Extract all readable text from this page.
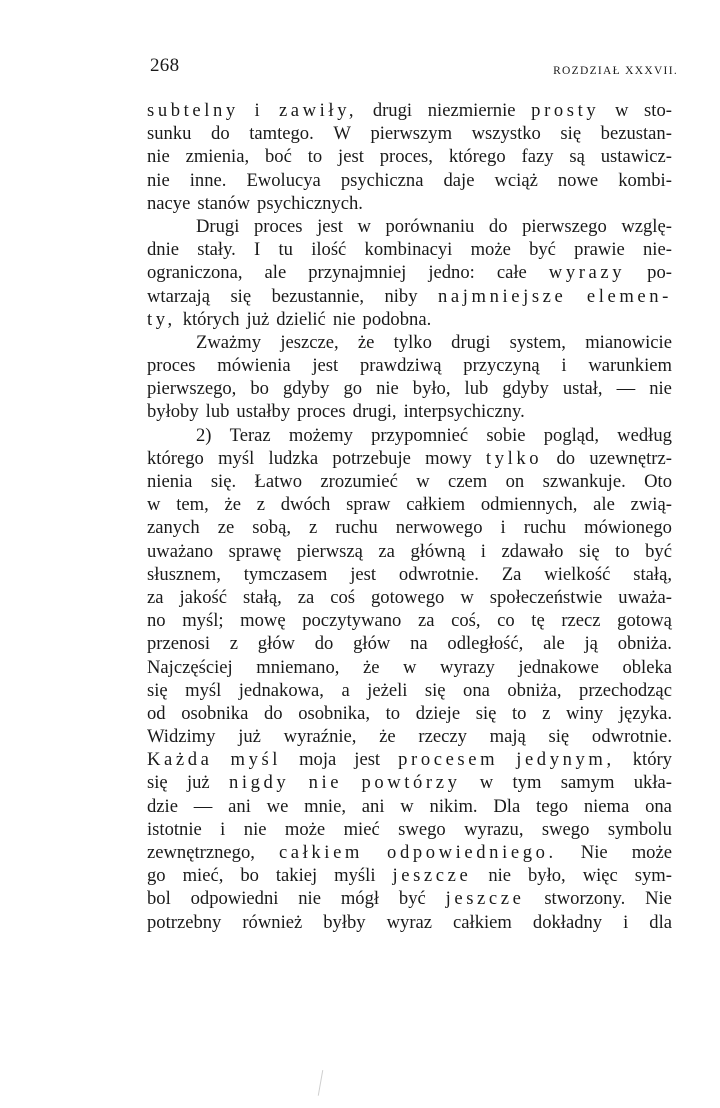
268	ROZDZIAŁ XXXVII.
subtelny i zawiły, drugi niezmiernie prosty w sto-
sunku do tamtego. W pierwszym wszystko się bezustan-
nie zmienia, boć to jest proces, którego fazy są ustawicz-
nie inne. Ewolucya psychiczna daje wciąż nowe kombi-
nacye stanów psychicznych.
Drugi proces jest w porównaniu do pierwszego wzglę-
dnie stały. I tu ilość kombinacyi może być prawie nie-
ograniczona, ale przynajmniej jedno: całe wyrazy po-
wtarzają się bezustannie, niby najmniejsze elemen-
ty, których już dzielić nie podobna.
Zważmy jeszcze, że tylko drugi system, mianowicie
proces mówienia jest prawdziwą przyczyną i warunkiem
pierwszego, bo gdyby go nie było, lub gdyby ustał, — nie
byłoby lub ustałby proces drugi, interpsychiczny.
2) Teraz możemy przypomnieć sobie pogląd, według
którego myśl ludzka potrzebuje mowy tylko do uzewnętrz-
nienia się. Łatwo zrozumieć w czem on szwankuje. Oto
w tem, że z dwóch spraw całkiem odmiennych, ale zwią-
zanych ze sobą, z ruchu nerwowego i ruchu mówionego
uważano sprawę pierwszą za główną i zdawało się to być
słusznem, tymczasem jest odwrotnie. Za wielkość stałą,
za jakość stałą, za coś gotowego w społeczeństwie uważa-
no myśl; mowę poczytywano za coś, co tę rzecz gotową
przenosi z głów do głów na odległość, ale ją obniża.
Najczęściej mniemano, że w wyrazy jednakowe obleka
się myśl jednakowa, a jeżeli się ona obniża, przechodząc
od osobnika do osobnika, to dzieje się to z winy języka.
Widzimy już wyraźnie, że rzeczy mają się odwrotnie.
Każda myśl moja jest procesem jedynym, który
się już nigdy nie powtórzy w tym samym ukła-
dzie — ani we mnie, ani w nikim. Dla tego niema ona
istotnie i nie może mieć swego wyrazu, swego symbolu
zewnętrznego, całkiem odpowiedniego. Nie może
go mieć, bo takiej myśli jeszcze nie było, więc sym-
bol odpowiedni nie mógł być jeszcze stworzony. Nie
potrzebny również byłby wyraz całkiem dokładny i dla
